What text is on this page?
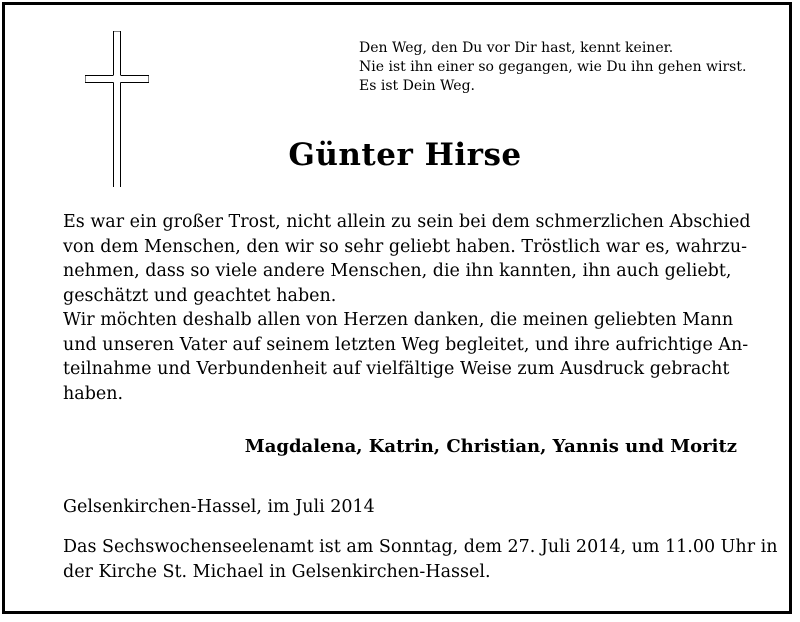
Den Weg, den Du vor Dir hast, kennt keiner.
Nie ist ihn einer so gegangen, wie Du ihn gehen wirst.
Es ist Dein Weg.
Günter Hirse
Es war ein großer Trost, nicht allein zu sein bei dem schmerzlichen Abschied
von dem Menschen, den wir so sehr geliebt haben. Tröstlich war es, wahrzu-
nehmen, dass so viele andere Menschen, die ihn kannten, ihn auch geliebt,
geschätzt und geachtet haben.
Wir möchten deshalb allen von Herzen danken, die meinen geliebten Mann
und unseren Vater auf seinem letzten Weg begleitet, und ihre aufrichtige An-
teilnahme und Verbundenheit auf vielfältige Weise zum Ausdruck gebracht
haben.
Magdalena, Katrin, Christian, Yannis und Moritz
Gelsenkirchen-Hassel, im Juli 2014
Das Sechswochenseelenamt ist am Sonntag, dem 27. Juli 2014, um 11.00 Uhr in
der Kirche St. Michael in Gelsenkirchen-Hassel.
